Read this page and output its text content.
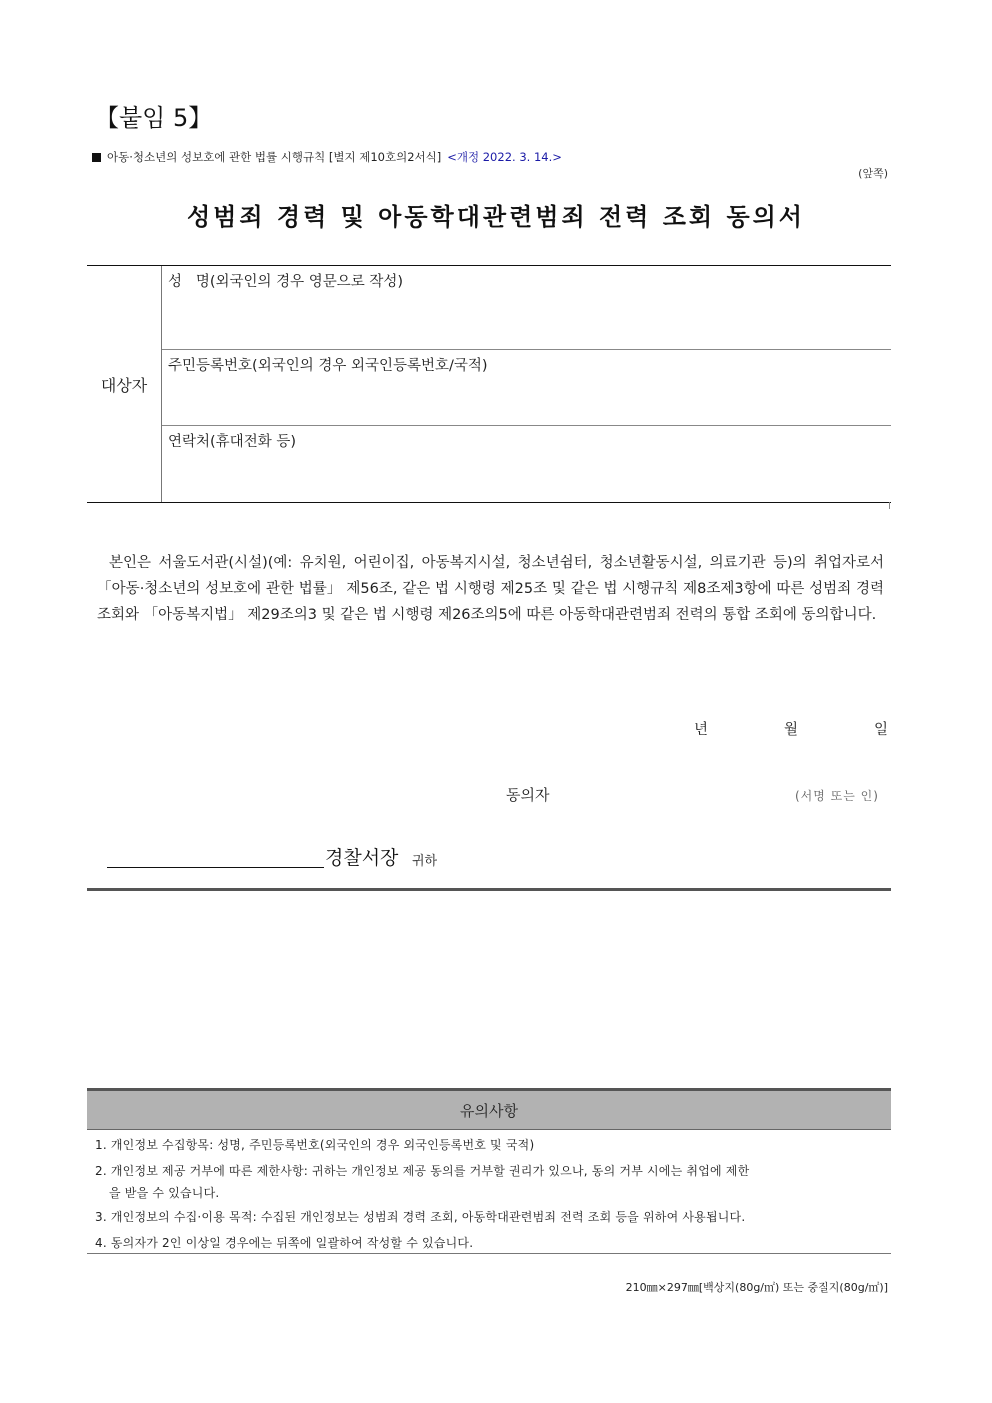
【붙임 5】
아동·청소년의 성보호에 관한 법률 시행규칙 [별지 제10호의2서식] <개정 2022. 3. 14.>
(앞쪽)
성범죄 경력 및 아동학대관련범죄 전력 조회 동의서
대상자
성   명(외국인의 경우 영문으로 작성)
주민등록번호(외국인의 경우 외국인등록번호/국적)
연락처(휴대전화 등)
본인은 서울도서관(시설)(예: 유치원, 어린이집, 아동복지시설, 청소년쉼터, 청소년활동시설, 의료기관 등)의 취업자로서 「아동·청소년의 성보호에 관한 법률」 제56조, 같은 법 시행령 제25조 및 같은 법 시행규칙 제8조제3항에 따른 성범죄 경력 조회와 「아동복지법」 제29조의3 및 같은 법 시행령 제26조의5에 따른 아동학대관련범죄 전력의 통합 조회에 동의합니다.
년	월	일
동의자	(서명 또는 인)
경찰서장 귀하
유의사항
1. 개인정보 수집항목: 성명, 주민등록번호(외국인의 경우 외국인등록번호 및 국적)
2. 개인정보 제공 거부에 따른 제한사항: 귀하는 개인정보 제공 동의를 거부할 권리가 있으나, 동의 거부 시에는 취업에 제한
을 받을 수 있습니다.
3. 개인정보의 수집·이용 목적: 수집된 개인정보는 성범죄 경력 조회, 아동학대관련범죄 전력 조회 등을 위하여 사용됩니다.
4. 동의자가 2인 이상일 경우에는 뒤쪽에 일괄하여 작성할 수 있습니다.
210㎜×297㎜[백상지(80g/㎡) 또는 중질지(80g/㎡)]
